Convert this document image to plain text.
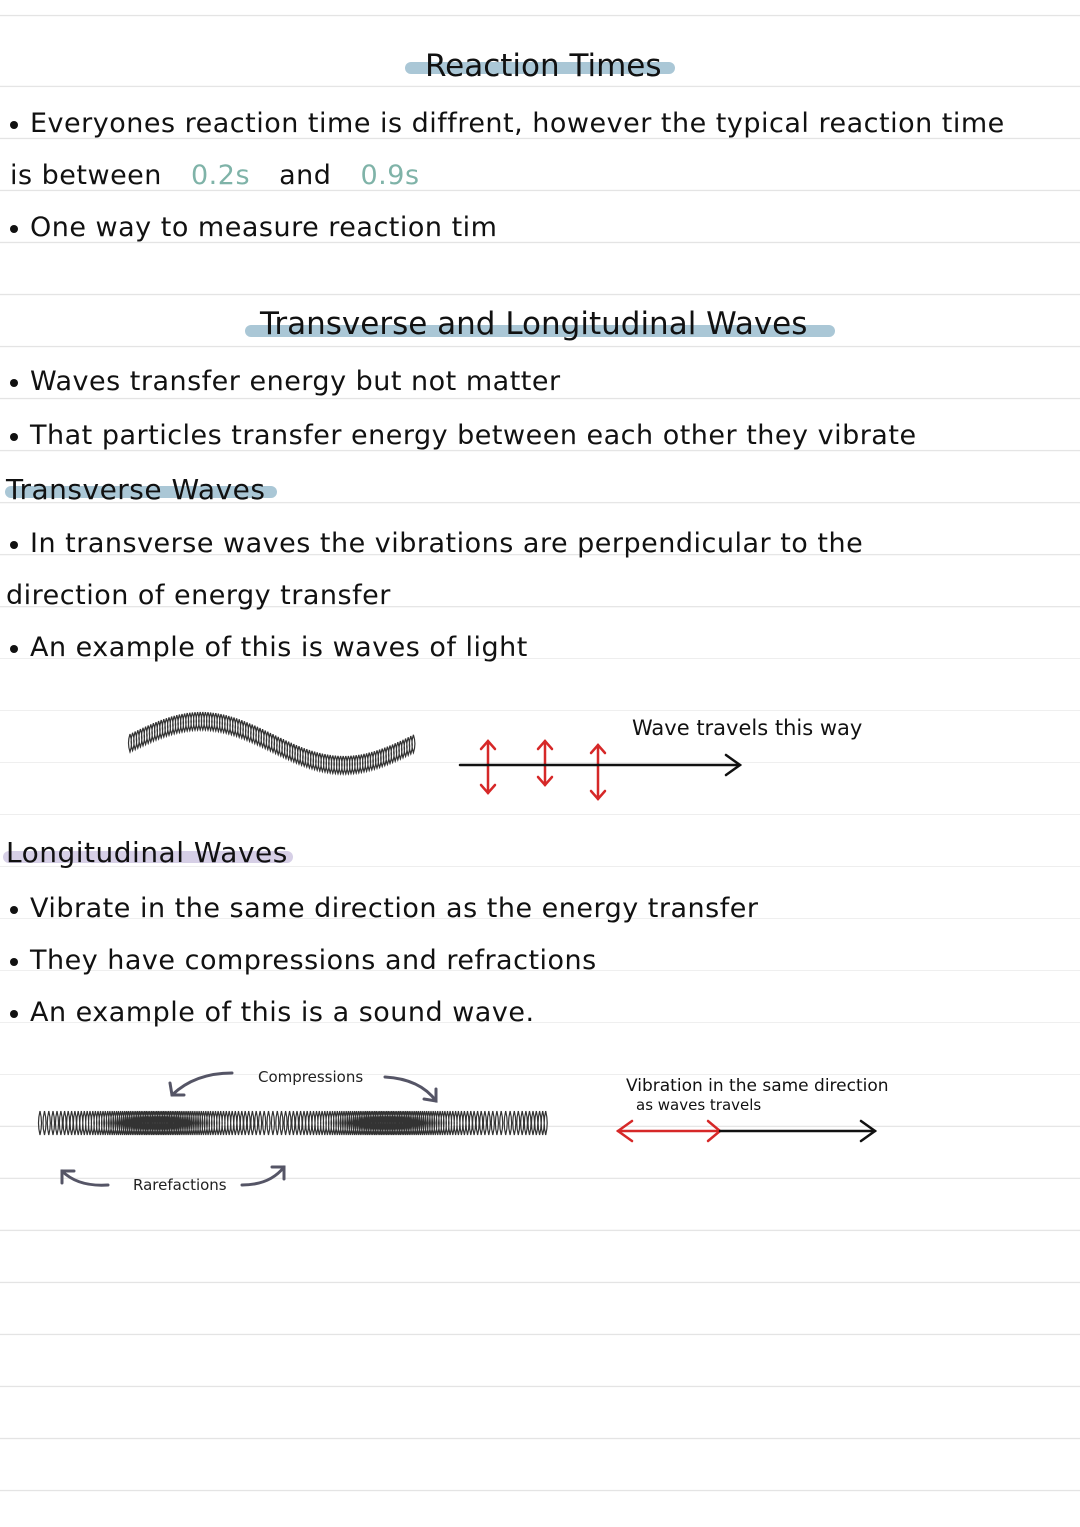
Reaction Times
Everyones reaction time is diffrent, however the typical reaction time
is between 0.2s and 0.9s
One way to measure reaction tim
Transverse and Longitudinal Waves
Waves transfer energy but not matter
That particles transfer energy between each other they vibrate
Transverse Waves
In transverse waves the vibrations are perpendicular to the
direction of energy transfer
An example of this is waves of light
Wave travels this way
Longitudinal Waves
Vibrate in the same direction as the energy transfer
They have compressions and refractions
An example of this is a sound wave.
Compressions
Rarefactions
Vibration in the same direction
as waves travels
